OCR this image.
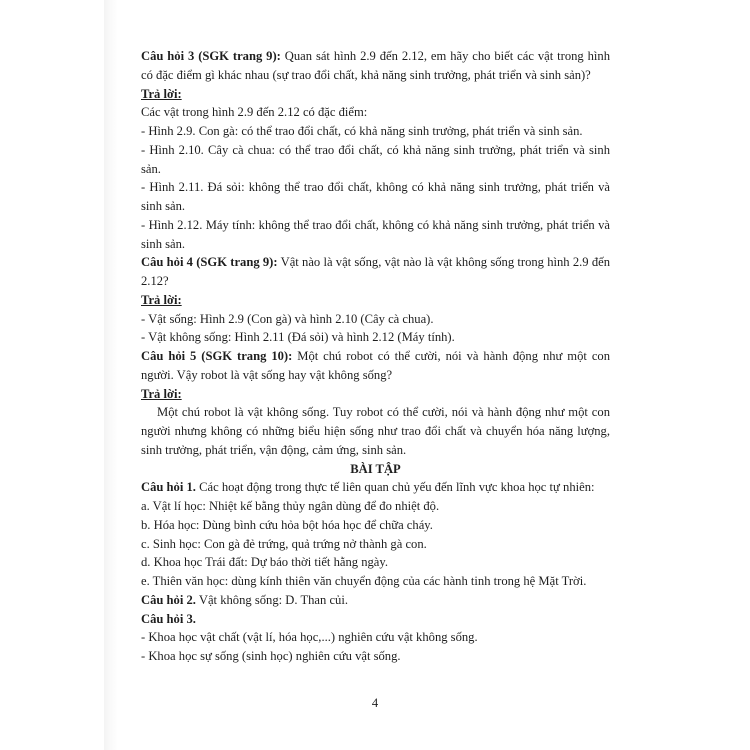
Câu hỏi 3 (SGK trang 9): Quan sát hình 2.9 đến 2.12, em hãy cho biết các vật trong hình có đặc điểm gì khác nhau (sự trao đổi chất, khả năng sinh trưởng, phát triển và sinh sản)?

Trả lời:

Các vật trong hình 2.9 đến 2.12 có đặc điểm:

- Hình 2.9. Con gà: có thể trao đổi chất, có khả năng sinh trưởng, phát triển và sinh sản.

- Hình 2.10. Cây cà chua: có thể trao đổi chất, có khả năng sinh trưởng, phát triển và sinh sản.

- Hình 2.11. Đá sỏi: không thể trao đổi chất, không có khả năng sinh trưởng, phát triển và sinh sản.

- Hình 2.12. Máy tính: không thể trao đổi chất, không có khả năng sinh trưởng, phát triển và sinh sản.

Câu hỏi 4 (SGK trang 9): Vật nào là vật sống, vật nào là vật không sống trong hình 2.9 đến 2.12?

Trả lời:

- Vật sống: Hình 2.9 (Con gà) và hình 2.10 (Cây cà chua).

- Vật không sống: Hình 2.11 (Đá sỏi) và hình 2.12 (Máy tính).

Câu hỏi 5 (SGK trang 10): Một chú robot có thể cười, nói và hành động như một con người. Vậy robot là vật sống hay vật không sống?

Trả lời:

Một chú robot là vật không sống. Tuy robot có thể cười, nói và hành động như một con người nhưng không có những biểu hiện sống như trao đổi chất và chuyển hóa năng lượng, sinh trưởng, phát triển, vận động, cảm ứng, sinh sản.

BÀI TẬP

Câu hỏi 1. Các hoạt động trong thực tế liên quan chủ yếu đến lĩnh vực khoa học tự nhiên:

a. Vật lí học: Nhiệt kế bằng thủy ngân dùng để đo nhiệt độ.

b. Hóa học: Dùng bình cứu hỏa bột hóa học để chữa cháy.

c. Sinh học: Con gà đẻ trứng, quả trứng nở thành gà con.

d. Khoa học Trái đất: Dự báo thời tiết hằng ngày.

e. Thiên văn học: dùng kính thiên văn chuyển động của các hành tinh trong hệ Mặt Trời.

Câu hỏi 2. Vật không sống: D. Than củi.

Câu hỏi 3.

- Khoa học vật chất (vật lí, hóa học,...) nghiên cứu vật không sống.

- Khoa học sự sống (sinh học) nghiên cứu vật sống.

4
